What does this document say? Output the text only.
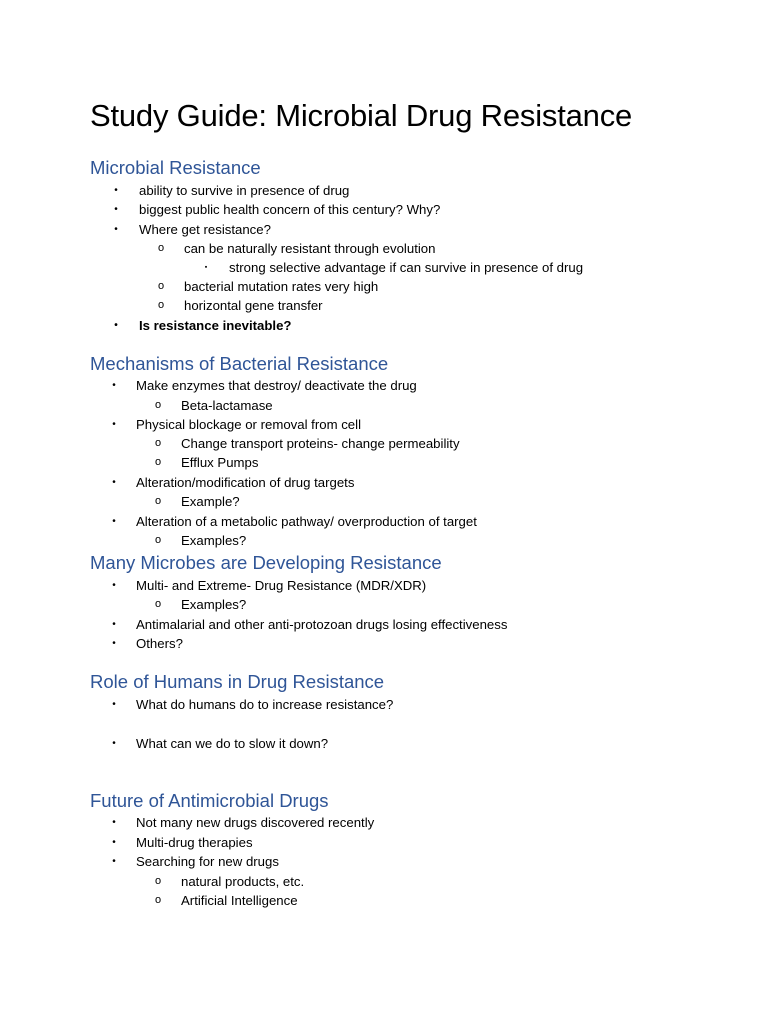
Study Guide: Microbial Drug Resistance
Microbial Resistance
•	ability to survive in presence of drug
•	biggest public health concern of this century? Why?
•	Where get resistance?
o can be naturally resistant through evolution
▪	strong selective advantage if can survive in presence of drug
o bacterial mutation rates very high
o horizontal gene transfer
•	Is resistance inevitable?
Mechanisms of Bacterial Resistance
•	Make enzymes that destroy/ deactivate the drug
o Beta-lactamase
•	Physical blockage or removal from cell
o Change transport proteins- change permeability
o Efflux Pumps
•	Alteration/modification of drug targets
o Example?
•	Alteration of a metabolic pathway/ overproduction of target
o Examples?
Many Microbes are Developing Resistance
•	Multi- and Extreme- Drug Resistance (MDR/XDR)
o Examples?
•	Antimalarial and other anti-protozoan drugs losing effectiveness
•	Others?
Role of Humans in Drug Resistance
•	What do humans do to increase resistance?
•	What can we do to slow it down?
Future of Antimicrobial Drugs
•	Not many new drugs discovered recently
•	Multi-drug therapies
•	Searching for new drugs
o natural products, etc.
o Artificial Intelligence
